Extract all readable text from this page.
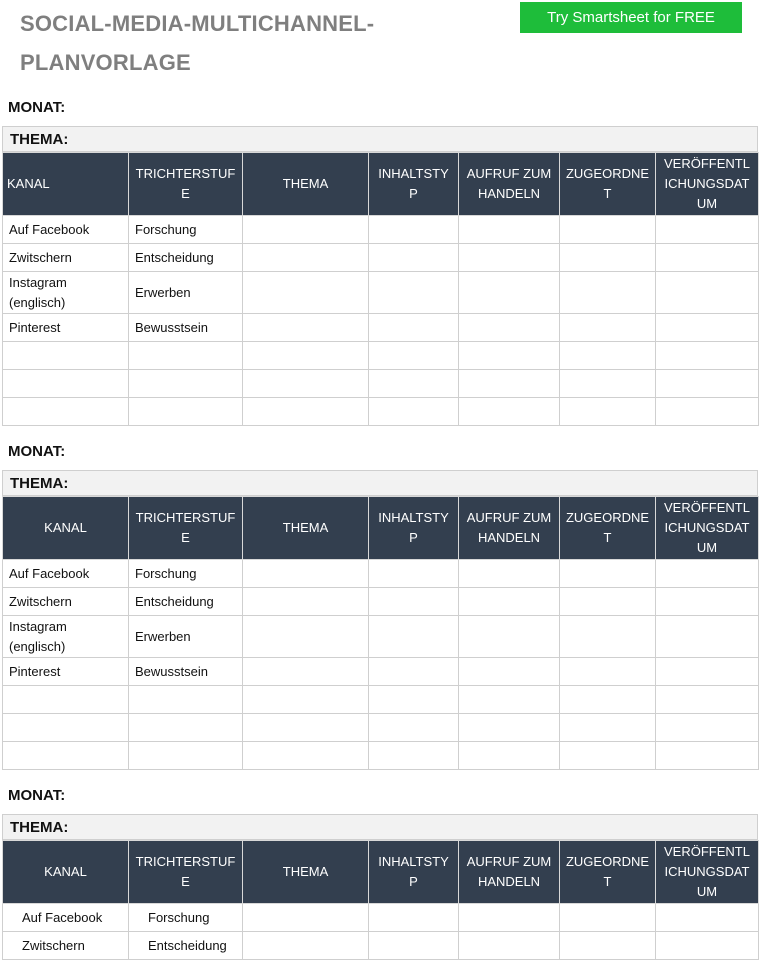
SOCIAL-MEDIA-MULTICHANNEL-PLANVORLAGE
Try Smartsheet for FREE
MONAT:
THEMA:
KANAL	TRICHTERSTUF E	THEMA	INHALTSTY P	AUFRUF ZUM HANDELN	ZUGEORDNE T	VERÖFFENTL ICHUNGSDAT UM
Auf Facebook	Forschung					
Zwitschern	Entscheidung					
Instagram (englisch)	Erwerben					
Pinterest	Bewusstsein					

MONAT:
THEMA:
KANAL	TRICHTERSTUF E	THEMA	INHALTSTY P	AUFRUF ZUM HANDELN	ZUGEORDNE T	VERÖFFENTL ICHUNGSDAT UM
Auf Facebook	Forschung					
Zwitschern	Entscheidung					
Instagram (englisch)	Erwerben					
Pinterest	Bewusstsein					

MONAT:
THEMA:
KANAL	TRICHTERSTUF E	THEMA	INHALTSTY P	AUFRUF ZUM HANDELN	ZUGEORDNE T	VERÖFFENTL ICHUNGSDAT UM
Auf Facebook	Forschung					
Zwitschern	Entscheidung					
